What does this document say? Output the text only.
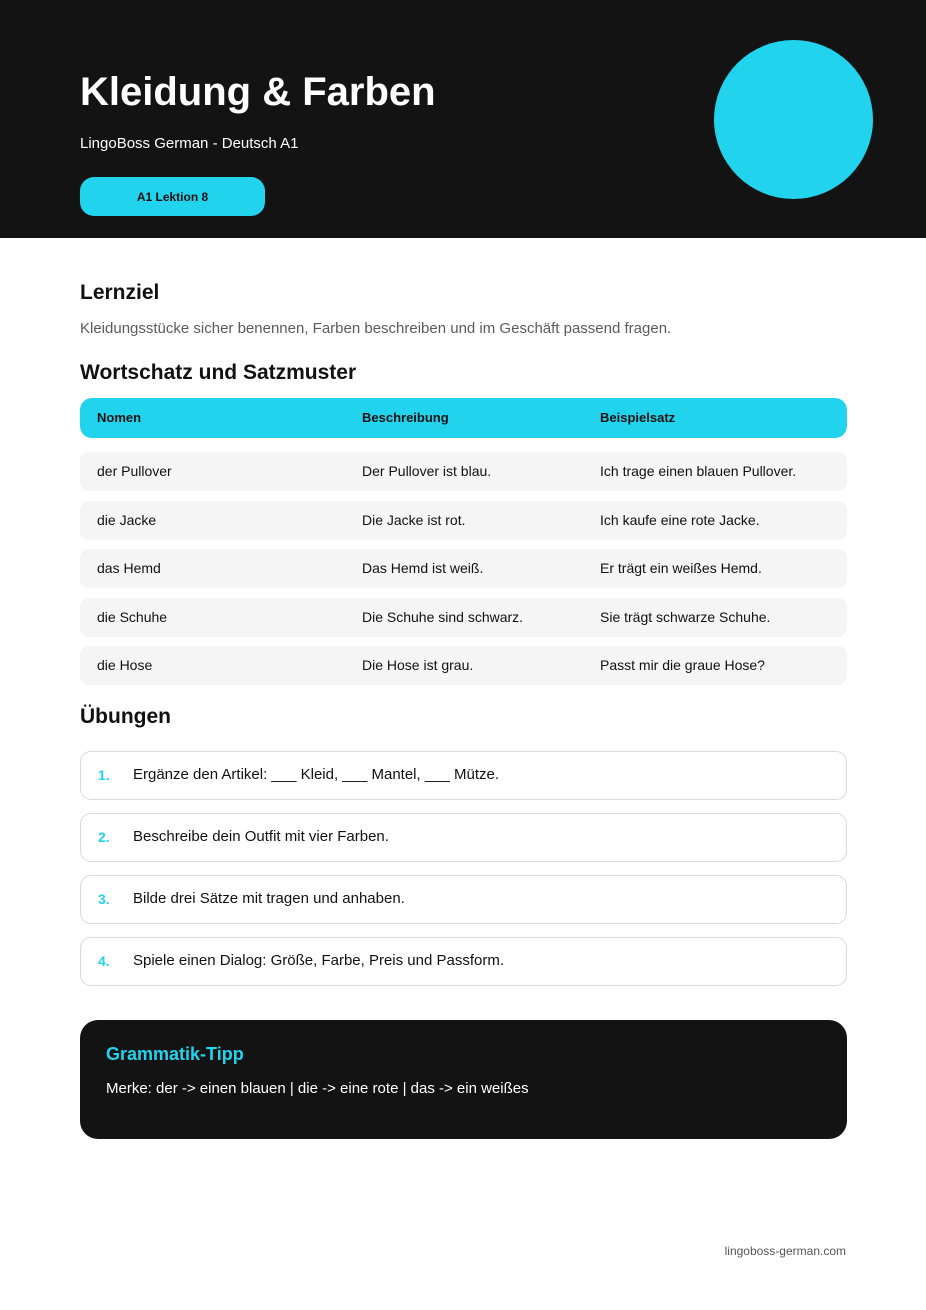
Kleidung & Farben
LingoBoss German - Deutsch A1
A1 Lektion 8
Lernziel
Kleidungsstücke sicher benennen, Farben beschreiben und im Geschäft passend fragen.
Wortschatz und Satzmuster
Nomen	Beschreibung	Beispielsatz
der Pullover	Der Pullover ist blau.	Ich trage einen blauen Pullover.
die Jacke	Die Jacke ist rot.	Ich kaufe eine rote Jacke.
das Hemd	Das Hemd ist weiß.	Er trägt ein weißes Hemd.
die Schuhe	Die Schuhe sind schwarz.	Sie trägt schwarze Schuhe.
die Hose	Die Hose ist grau.	Passt mir die graue Hose?
Übungen
1. Ergänze den Artikel: ___ Kleid, ___ Mantel, ___ Mütze.
2. Beschreibe dein Outfit mit vier Farben.
3. Bilde drei Sätze mit tragen und anhaben.
4. Spiele einen Dialog: Größe, Farbe, Preis und Passform.
Grammatik-Tipp
Merke: der -> einen blauen | die -> eine rote | das -> ein weißes
lingoboss-german.com
